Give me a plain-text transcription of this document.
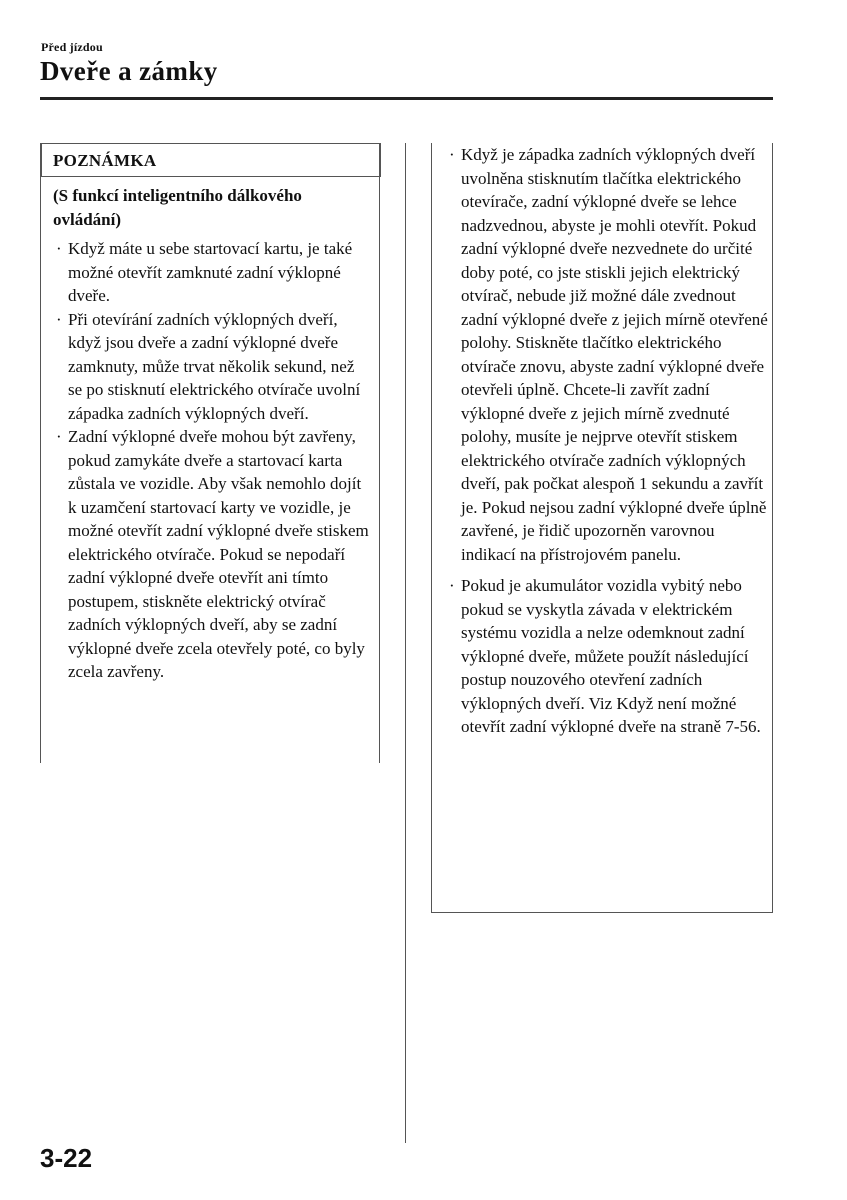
Před jízdou
Dveře a zámky
POZNÁMKA
(S funkcí inteligentního dálkového ovládání)
· Když máte u sebe startovací kartu, je také možné otevřít zamknuté zadní výklopné dveře.
· Při otevírání zadních výklopných dveří, když jsou dveře a zadní výklopné dveře zamknuty, může trvat několik sekund, než se po stisknutí elektrického otvírače uvolní západka zadních výklopných dveří.
· Zadní výklopné dveře mohou být zavřeny, pokud zamykáte dveře a startovací karta zůstala ve vozidle. Aby však nemohlo dojít k uzamčení startovací karty ve vozidle, je možné otevřít zadní výklopné dveře stiskem elektrického otvírače. Pokud se nepodaří zadní výklopné dveře otevřít ani tímto postupem, stiskněte elektrický otvírač zadních výklopných dveří, aby se zadní výklopné dveře zcela otevřely poté, co byly zcela zavřeny.
· Když je západka zadních výklopných dveří uvolněna stisknutím tlačítka elektrického otevírače, zadní výklopné dveře se lehce nadzvednou, abyste je mohli otevřít. Pokud zadní výklopné dveře nezvednete do určité doby poté, co jste stiskli jejich elektrický otvírač, nebude již možné dále zvednout zadní výklopné dveře z jejich mírně otevřené polohy. Stiskněte tlačítko elektrického otvírače znovu, abyste zadní výklopné dveře otevřeli úplně. Chcete-li zavřít zadní výklopné dveře z jejich mírně zvednuté polohy, musíte je nejprve otevřít stiskem elektrického otvírače zadních výklopných dveří, pak počkat alespoň 1 sekundu a zavřít je. Pokud nejsou zadní výklopné dveře úplně zavřené, je řidič upozorněn varovnou indikací na přístrojovém panelu.
· Pokud je akumulátor vozidla vybitý nebo pokud se vyskytla závada v elektrickém systému vozidla a nelze odemknout zadní výklopné dveře, můžete použít následující postup nouzového otevření zadních výklopných dveří. Viz Když není možné otevřít zadní výklopné dveře na straně 7-56.
3-22
